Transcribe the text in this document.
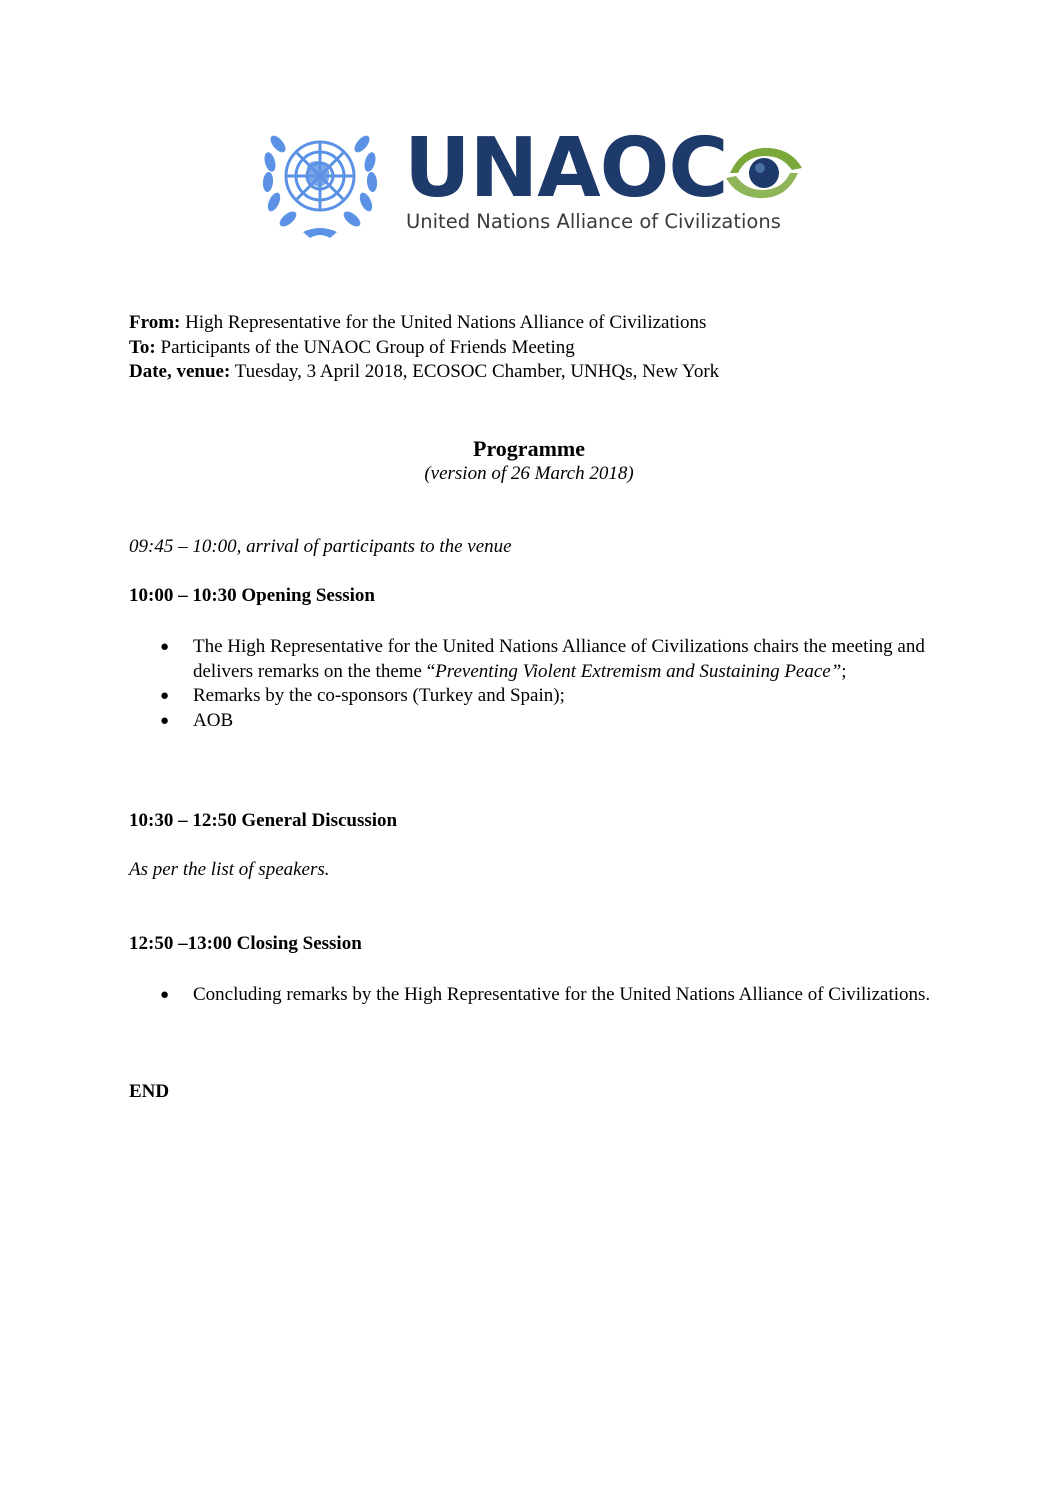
UNAOC
United Nations Alliance of Civilizations

From: High Representative for the United Nations Alliance of Civilizations

To: Participants of the UNAOC Group of Friends Meeting

Date, venue: Tuesday, 3 April 2018, ECOSOC Chamber, UNHQs, New York

Programme
(version of 26 March 2018)
09:45 – 10:00, arrival of participants to the venue
10:00 – 10:30 Opening Session
● The High Representative for the United Nations Alliance of Civilizations chairs the meeting and delivers remarks on the theme “Preventing Violent Extremism and Sustaining Peace”;
● Remarks by the co-sponsors (Turkey and Spain);
● AOB
10:30 – 12:50 General Discussion
As per the list of speakers.
12:50 –13:00 Closing Session
● Concluding remarks by the High Representative for the United Nations Alliance of Civilizations.
END
